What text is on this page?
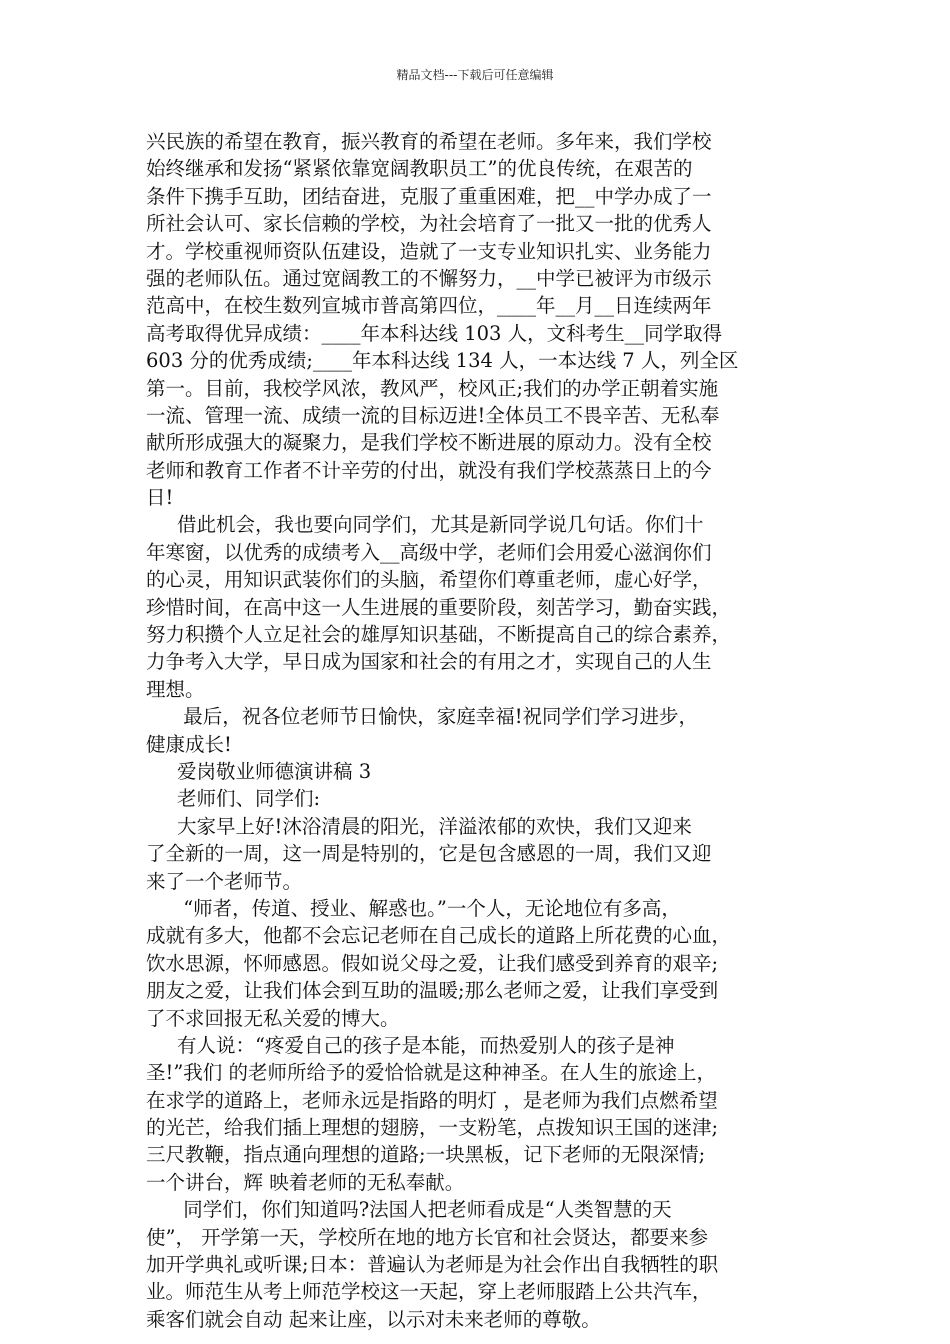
精品文档---下载后可任意编辑
兴民族的希望在教育，振兴教育的希望在老师。多年来，我们学校
始终继承和发扬“紧紧依靠宽阔教职员工”的优良传统，在艰苦的
条件下携手互助，团结奋进，克服了重重困难，把__中学办成了一
所社会认可、家长信赖的学校，为社会培育了一批又一批的优秀人
才。学校重视师资队伍建设，造就了一支专业知识扎实、业务能力
强的老师队伍。通过宽阔教工的不懈努力，__中学已被评为市级示
范高中，在校生数列宣城市普高第四位，____年__月__日连续两年
高考取得优异成绩：____年本科达线 103 人，文科考生__同学取得
603 分的优秀成绩;____年本科达线 134 人，一本达线 7 人，列全区
第一。目前，我校学风浓，教风严，校风正;我们的办学正朝着实施
一流、管理一流、成绩一流的目标迈进!全体员工不畏辛苦、无私奉
献所形成强大的凝聚力，是我们学校不断进展的原动力。没有全校
老师和教育工作者不计辛劳的付出，就没有我们学校蒸蒸日上的今
日!
借此机会，我也要向同学们，尤其是新同学说几句话。你们十
年寒窗，以优秀的成绩考入__高级中学，老师们会用爱心滋润你们
的心灵，用知识武装你们的头脑，希望你们尊重老师，虚心好学，
珍惜时间，在高中这一人生进展的重要阶段，刻苦学习，勤奋实践，
努力积攒个人立足社会的雄厚知识基础，不断提高自己的综合素养，
力争考入大学，早日成为国家和社会的有用之才，实现自己的人生
理想。
最后，祝各位老师节日愉快，家庭幸福!祝同学们学习进步，
健康成长!
爱岗敬业师德演讲稿 3
老师们、同学们:
大家早上好!沐浴清晨的阳光，洋溢浓郁的欢快，我们又迎来
了全新的一周，这一周是特别的，它是包含感恩的一周，我们又迎
来了一个老师节。
“师者，传道、授业、解惑也。”一个人，无论地位有多高，
成就有多大，他都不会忘记老师在自己成长的道路上所花费的心血，
饮水思源，怀师感恩。假如说父母之爱，让我们感受到养育的艰辛;
朋友之爱，让我们体会到互助的温暖;那么老师之爱，让我们享受到
了不求回报无私关爱的博大。
有人说：“疼爱自己的孩子是本能，而热爱别人的孩子是神
圣!”我们 的老师所给予的爱恰恰就是这种神圣。在人生的旅途上，
在求学的道路上，老师永远是指路的明灯 ，是老师为我们点燃希望
的光芒，给我们插上理想的翅膀，一支粉笔，点拨知识王国的迷津;
三尺教鞭，指点通向理想的道路;一块黑板，记下老师的无限深情;
一个讲台，辉 映着老师的无私奉献。
同学们，你们知道吗?法国人把老师看成是“人类智慧的天
使”， 开学第一天，学校所在地的地方长官和社会贤达，都要来参
加开学典礼或听课;日本：普遍认为老师是为社会作出自我牺牲的职
业。师范生从考上师范学校这一天起，穿上老师服踏上公共汽车，
乘客们就会自动 起来让座，以示对未来老师的尊敬。
